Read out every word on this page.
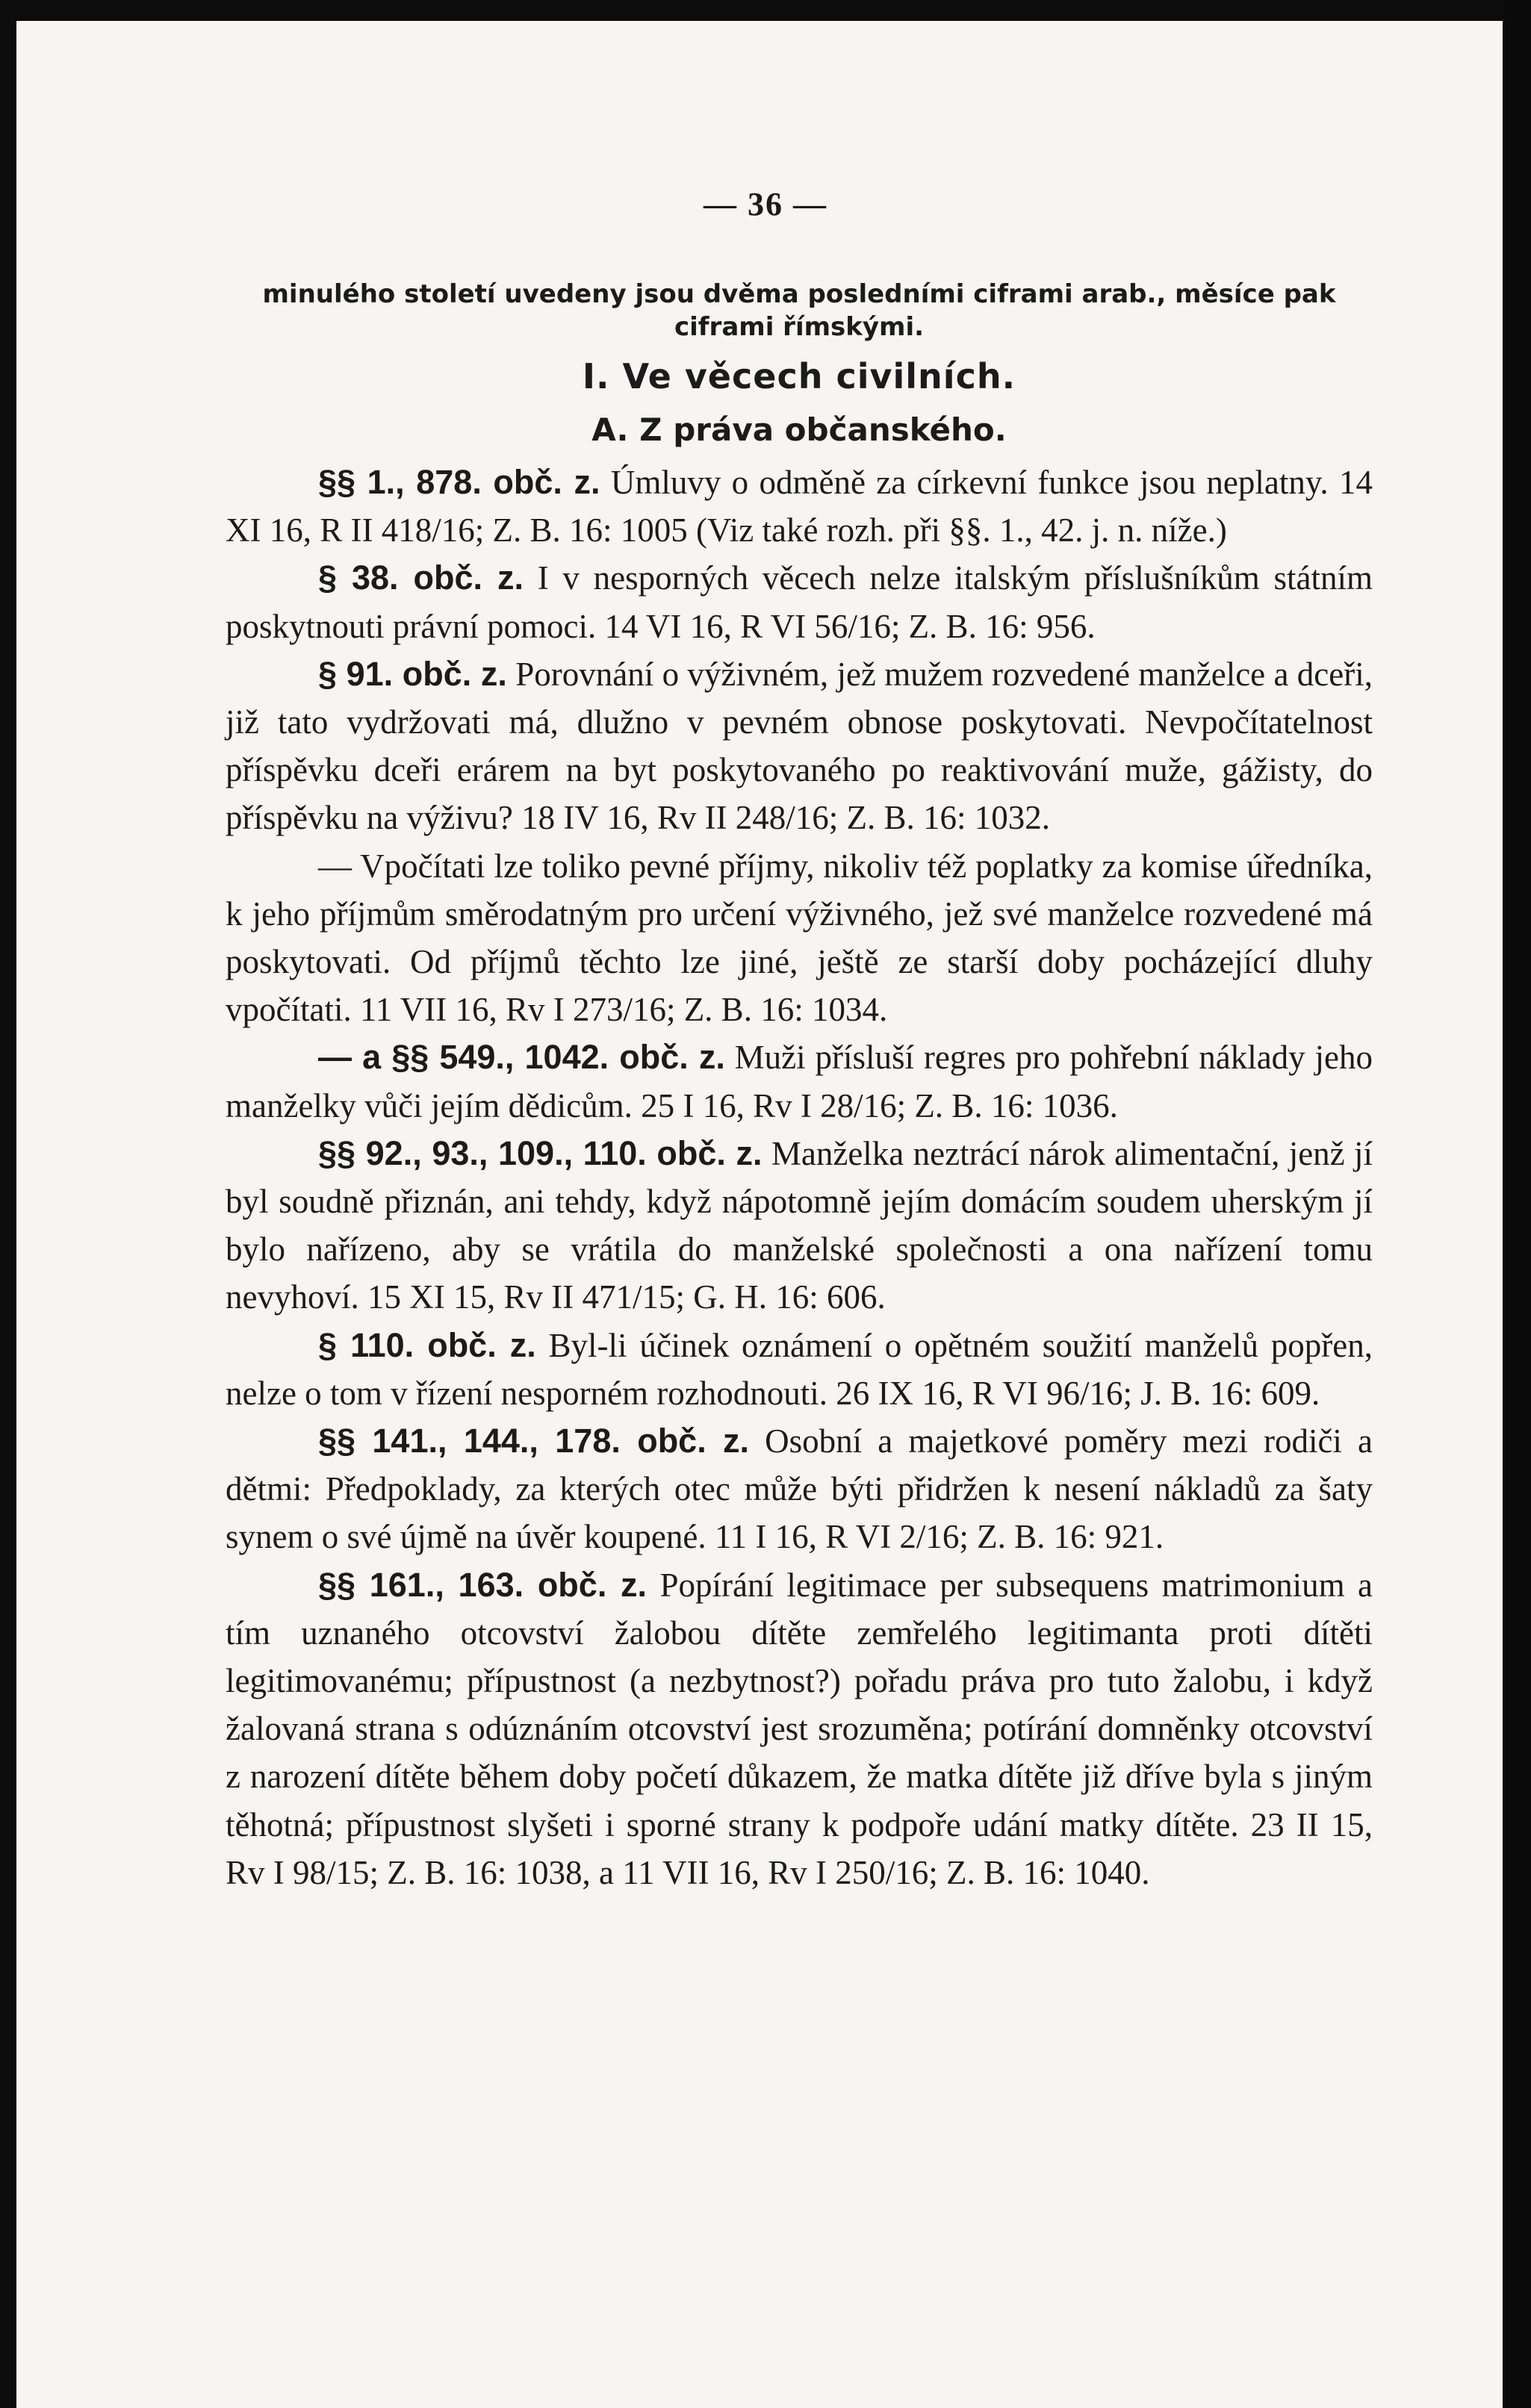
— 36 —

minulého století uvedeny jsou dvěma posledními ciframi arab., měsíce pak ciframi římskými.

I. Ve věcech civilních.
A. Z práva občanského.

§§ 1., 878. obč. z. Úmluvy o odměně za církevní funkce jsou neplatny. 14 XI 16, R II 418/16; Z. B. 16: 1005 (Viz také rozh. při §§. 1., 42. j. n. níže.)

§ 38. obč. z. I v nesporných věcech nelze italským příslušníkům státním poskytnouti právní pomoci. 14 VI 16, R VI 56/16; Z. B. 16: 956.

§ 91. obč. z. Porovnání o výživném, jež mužem rozvedené manželce a dceři, již tato vydržovati má, dlužno v pevném obnose poskytovati. Nevpočítatelnost příspěvku dceři erárem na byt poskytovaného po reaktivování muže, gážisty, do příspěvku na výživu? 18 IV 16, Rv II 248/16; Z. B. 16: 1032.

— Vpočítati lze toliko pevné příjmy, nikoliv též poplatky za komise úředníka, k jeho příjmům směrodatným pro určení výživného, jež své manželce rozvedené má poskytovati. Od příjmů těchto lze jiné, ještě ze starší doby pocházející dluhy vpočítati. 11 VII 16, Rv I 273/16; Z. B. 16: 1034.

— a §§ 549., 1042. obč. z. Muži přísluší regres pro pohřební náklady jeho manželky vůči jejím dědicům. 25 I 16, Rv I 28/16; Z. B. 16: 1036.

§§ 92., 93., 109., 110. obč. z. Manželka neztrácí nárok alimentační, jenž jí byl soudně přiznán, ani tehdy, když nápotomně jejím domácím soudem uherským jí bylo nařízeno, aby se vrátila do manželské společnosti a ona nařízení tomu nevyhoví. 15 XI 15, Rv II 471/15; G. H. 16: 606.

§ 110. obč. z. Byl-li účinek oznámení o opětném soužití manželů popřen, nelze o tom v řízení nesporném rozhodnouti. 26 IX 16, R VI 96/16; J. B. 16: 609.

§§ 141., 144., 178. obč. z. Osobní a majetkové poměry mezi rodiči a dětmi: Předpoklady, za kterých otec může býti přidržen k nesení nákladů za šaty synem o své újmě na úvěr koupené. 11 I 16, R VI 2/16; Z. B. 16: 921.

§§ 161., 163. obč. z. Popírání legitimace per subsequens matrimonium a tím uznaného otcovství žalobou dítěte zemřelého legitimanta proti dítěti legitimovanému; přípustnost (a nezbytnost?) pořadu práva pro tuto žalobu, i když žalovaná strana s odúznáním otcovství jest srozuměna; potírání domněnky otcovství z narození dítěte během doby početí důkazem, že matka dítěte již dříve byla s jiným těhotná; přípustnost slyšeti i sporné strany k podpoře udání matky dítěte. 23 II 15, Rv I 98/15; Z. B. 16: 1038, a 11 VII 16, Rv I 250/16; Z. B. 16: 1040.
